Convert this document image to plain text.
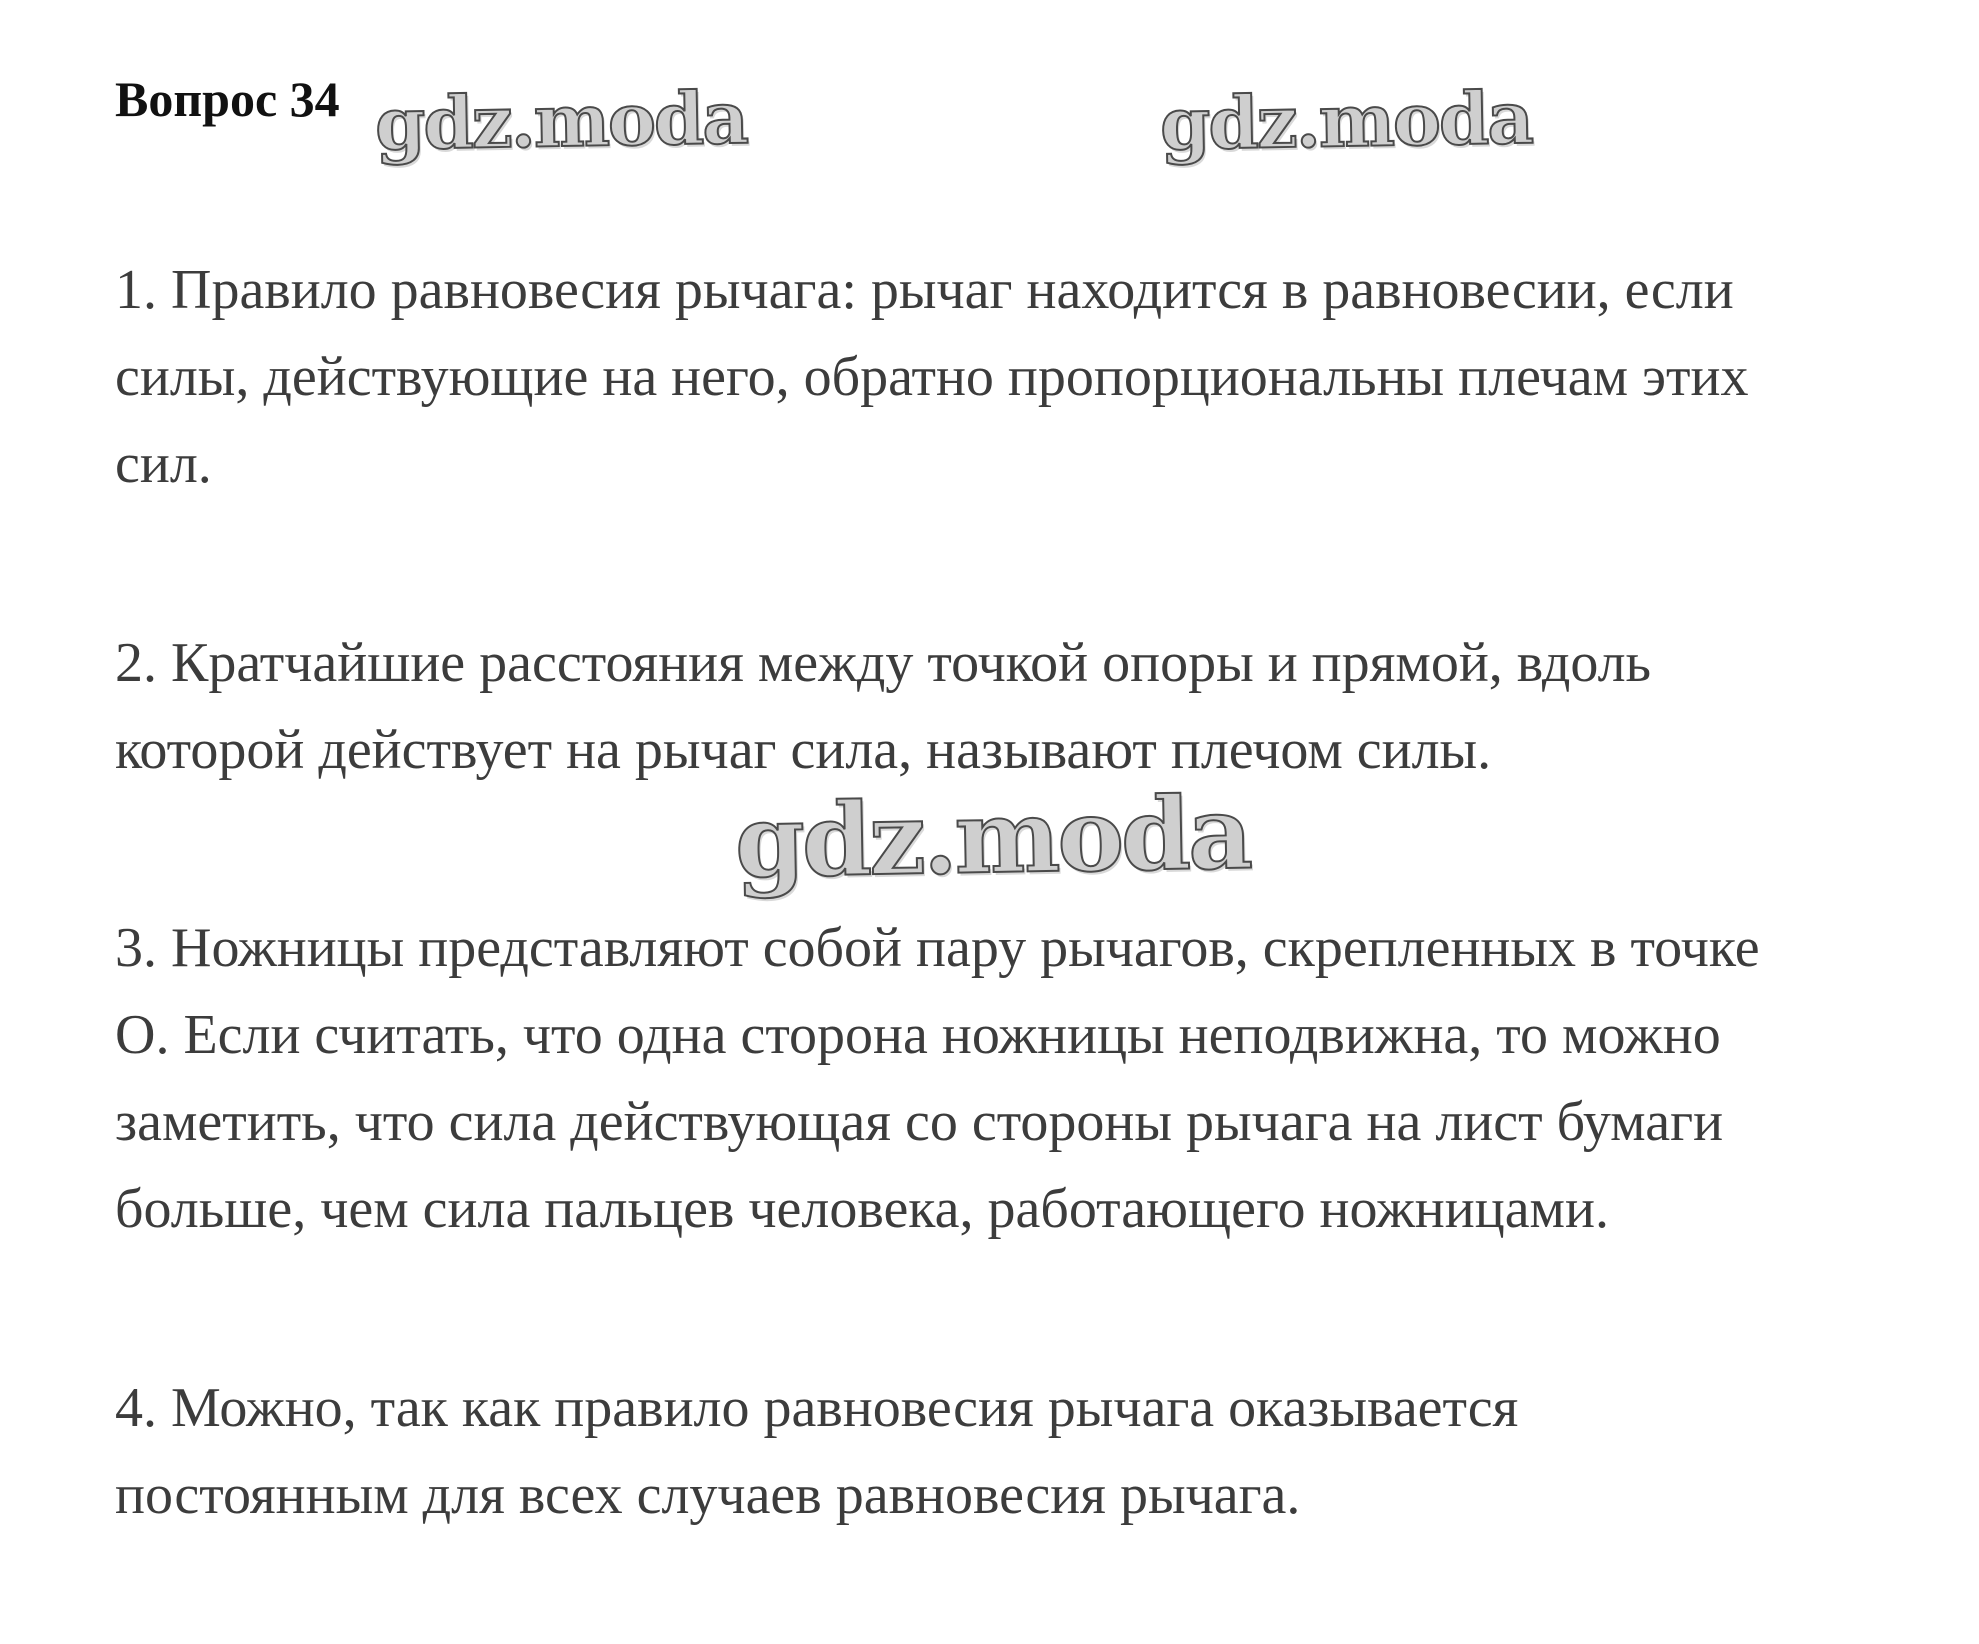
Вопрос 34 gdz.moda	gdz.moda
gdz.moda

1. Правило равновесия рычага: рычаг находится в равновесии, если
силы, действующие на него, обратно пропорциональны плечам этих
сил.

2. Кратчайшие расстояния между точкой опоры и прямой, вдоль
которой действует на рычаг сила, называют плечом силы.

3. Ножницы представляют собой пару рычагов, скрепленных в точке
О. Если считать, что одна сторона ножницы неподвижна, то можно
заметить, что сила действующая со стороны рычага на лист бумаги
больше, чем сила пальцев человека, работающего ножницами.

4. Можно, так как правило равновесия рычага оказывается
постоянным для всех случаев равновесия рычага.
